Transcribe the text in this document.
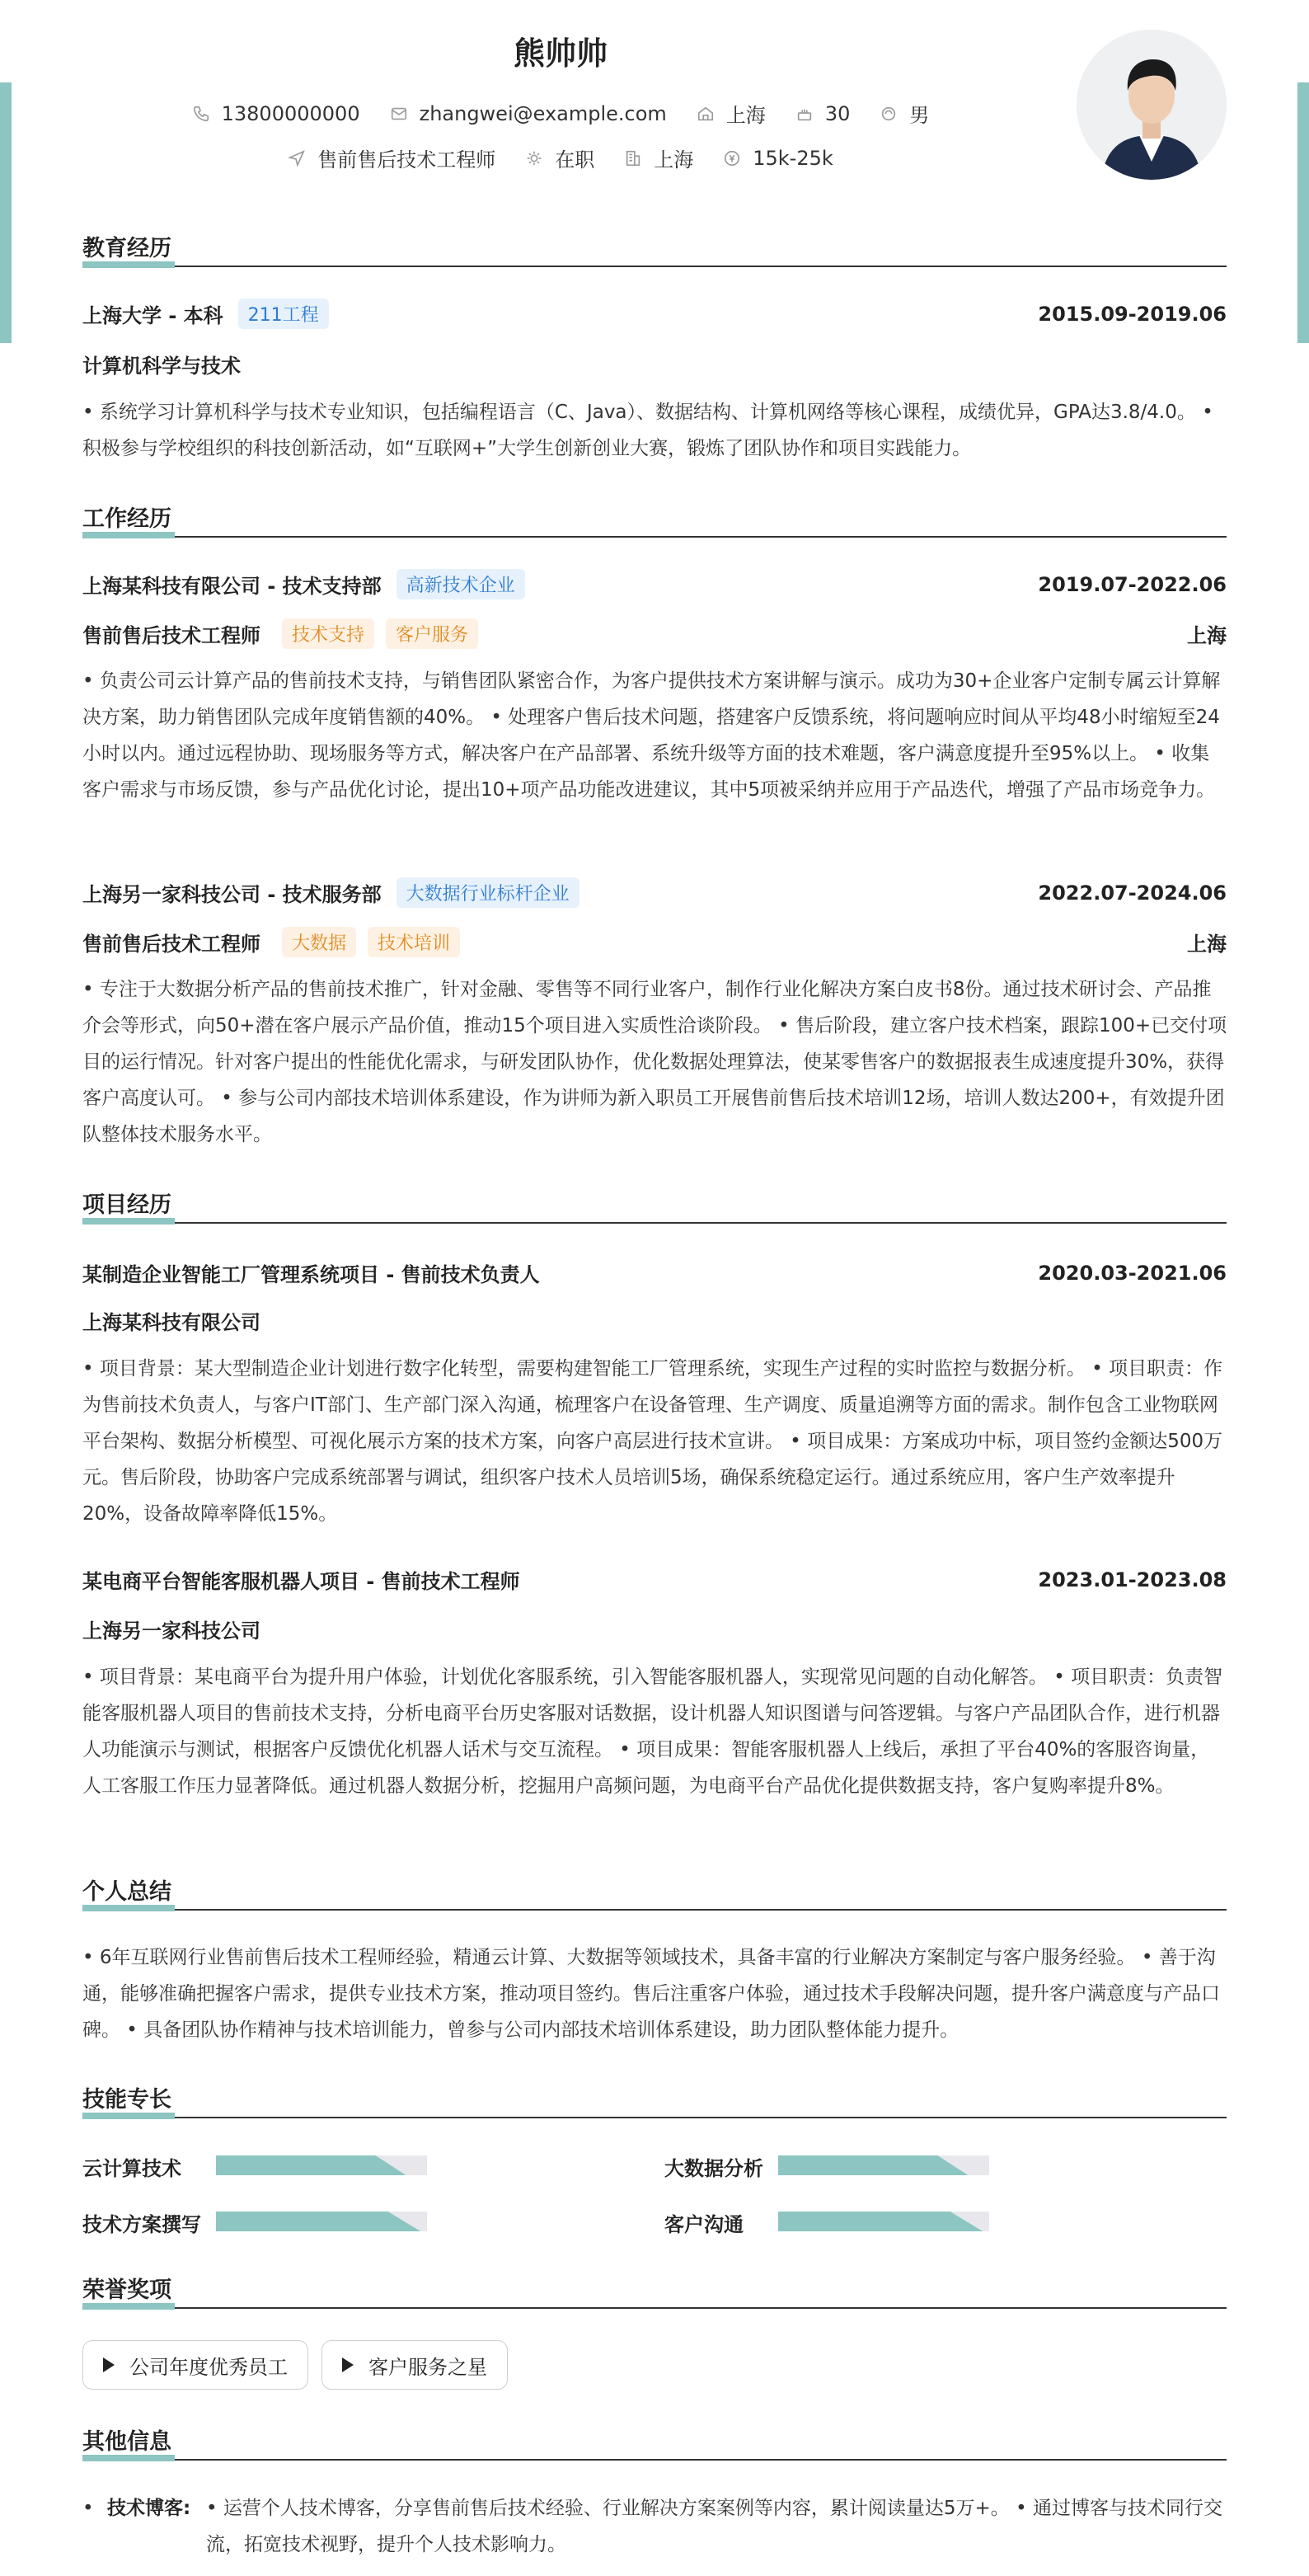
熊帅帅
13800000000	zhangwei@example.com	上海	30	男
售前售后技术工程师	在职	上海	15k-25k
教育经历
上海大学 - 本科	211工程	2015.09-2019.06
计算机科学与技术

• 系统学习计算机科学与技术专业知识，包括编程语言（C、Java）、数据结构、计算机网络等核心课程，成绩优异，GPA达3.8/4.0。 • 积极参与学校组织的科技创新活动，如“互联网+”大学生创新创业大赛，锻炼了团队协作和项目实践能力。

工作经历
上海某科技有限公司 - 技术支持部	高新技术企业	2019.07-2022.06
售前售后技术工程师	技术支持	客户服务	上海

• 负责公司云计算产品的售前技术支持，与销售团队紧密合作，为客户提供技术方案讲解与演示。成功为30+企业客户定制专属云计算解决方案，助力销售团队完成年度销售额的40%。 • 处理客户售后技术问题，搭建客户反馈系统，将问题响应时间从平均48小时缩短至24小时以内。通过远程协助、现场服务等方式，解决客户在产品部署、系统升级等方面的技术难题，客户满意度提升至95%以上。 • 收集客户需求与市场反馈，参与产品优化讨论，提出10+项产品功能改进建议，其中5项被采纳并应用于产品迭代，增强了产品市场竞争力。

上海另一家科技公司 - 技术服务部	大数据行业标杆企业	2022.07-2024.06
售前售后技术工程师	大数据	技术培训	上海

• 专注于大数据分析产品的售前技术推广，针对金融、零售等不同行业客户，制作行业化解决方案白皮书8份。通过技术研讨会、产品推介会等形式，向50+潜在客户展示产品价值，推动15个项目进入实质性洽谈阶段。 • 售后阶段，建立客户技术档案，跟踪100+已交付项目的运行情况。针对客户提出的性能优化需求，与研发团队协作，优化数据处理算法，使某零售客户的数据报表生成速度提升30%，获得客户高度认可。 • 参与公司内部技术培训体系建设，作为讲师为新入职员工开展售前售后技术培训12场，培训人数达200+，有效提升团队整体技术服务水平。

项目经历
某制造企业智能工厂管理系统项目 - 售前技术负责人	2020.03-2021.06
上海某科技有限公司

• 项目背景：某大型制造企业计划进行数字化转型，需要构建智能工厂管理系统，实现生产过程的实时监控与数据分析。 • 项目职责：作为售前技术负责人，与客户IT部门、生产部门深入沟通，梳理客户在设备管理、生产调度、质量追溯等方面的需求。制作包含工业物联网平台架构、数据分析模型、可视化展示方案的技术方案，向客户高层进行技术宣讲。 • 项目成果：方案成功中标，项目签约金额达500万元。售后阶段，协助客户完成系统部署与调试，组织客户技术人员培训5场，确保系统稳定运行。通过系统应用，客户生产效率提升20%，设备故障率降低15%。

某电商平台智能客服机器人项目 - 售前技术工程师	2023.01-2023.08
上海另一家科技公司

• 项目背景：某电商平台为提升用户体验，计划优化客服系统，引入智能客服机器人，实现常见问题的自动化解答。 • 项目职责：负责智能客服机器人项目的售前技术支持，分析电商平台历史客服对话数据，设计机器人知识图谱与问答逻辑。与客户产品团队合作，进行机器人功能演示与测试，根据客户反馈优化机器人话术与交互流程。 • 项目成果：智能客服机器人上线后，承担了平台40%的客服咨询量，人工客服工作压力显著降低。通过机器人数据分析，挖掘用户高频问题，为电商平台产品优化提供数据支持，客户复购率提升8%。

个人总结

• 6年互联网行业售前售后技术工程师经验，精通云计算、大数据等领域技术，具备丰富的行业解决方案制定与客户服务经验。 • 善于沟通，能够准确把握客户需求，提供专业技术方案，推动项目签约。售后注重客户体验，通过技术手段解决问题，提升客户满意度与产品口碑。 • 具备团队协作精神与技术培训能力，曾参与公司内部技术培训体系建设，助力团队整体能力提升。

技能专长
云计算技术	大数据分析
技术方案撰写	客户沟通
荣誉奖项
公司年度优秀员工	客户服务之星
其他信息
• 技术博客: • 运营个人技术博客，分享售前售后技术经验、行业解决方案案例等内容，累计阅读量达5万+。 • 通过博客与技术同行交流，拓宽技术视野，提升个人技术影响力。
